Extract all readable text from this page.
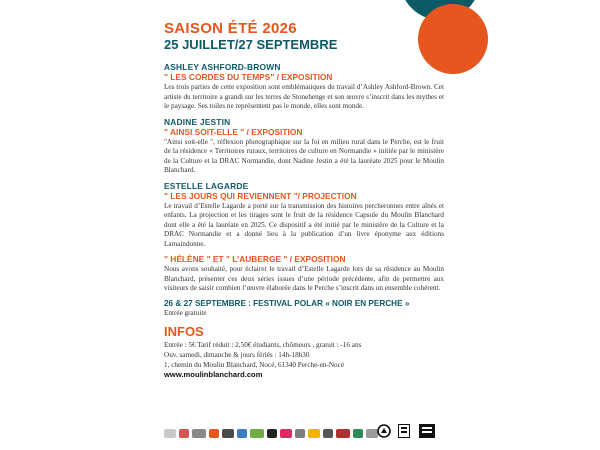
SAISON ÉTÉ 2026
25 JUILLET/27 SEPTEMBRE
ASHLEY ASHFORD-BROWN
" LES CORDES DU TEMPS" / EXPOSITION
Les trois parties de cette exposition sont emblématiques du travail d’Ashley Ashford-Brown. Cet artiste du territoire a grandi sur les terres de Stonehenge et son œuvre s’inscrit dans les mythes et le paysage. Ses toiles ne représentent pas le monde, elles sont monde.
NADINE JESTIN
" AINSI SOIT-ELLE " / EXPOSITION
"Ainsi soit-elle ", réflexion photographique sur la foi en milieu rural dans le Perche, est le fruit de la résidence « Territoires ruraux, territoires de culture en Normandie » initiée par le ministère de la Culture et la DRAC Normandie, dont Nadine Jestin a été la lauréate 2025 pour le Moulin Blanchard.
ESTELLE LAGARDE
" LES JOURS QUI REVIENNENT "/ PROJECTION
Le travail d’Estelle Lagarde a porté sur la transmission des histoires percheronnes entre aînés et enfants. La projection et les tirages sont le fruit de la résidence Capsule du Moulin Blanchard dont elle a été la lauréate en 2025. Ce dispositif a été initié par le ministère de la Culture et la DRAC Normandie et a donné lieu à la publication d’un livre éponyme aux éditions Lamaindonne.
" HÉLÈNE " ET " L’AUBERGE " / EXPOSITION
Nous avons souhaité, pour éclairer le travail d’Estelle Lagarde lors de sa résidence au Moulin Blanchard, présenter ces deux séries issues d’une période précédente, afin de permettre aux visiteurs de saisir combien l’œuvre élaborée dans le Perche s’inscrit dans un ensemble cohérent.
26 & 27 SEPTEMBRE : FESTIVAL POLAR « NOIR EN PERCHE »
Entrée gratuite
INFOS
Entrée : 5€ Tarif réduit : 2,50€ étudiants, chômeurs , gratuit : -16 ans
Ouv. samedi, dimanche & jours fériés : 14h-18h30
1, chemin du Moulin Blanchard, Nocé, 61340 Perche-en-Nocé
www.moulinblanchard.com
